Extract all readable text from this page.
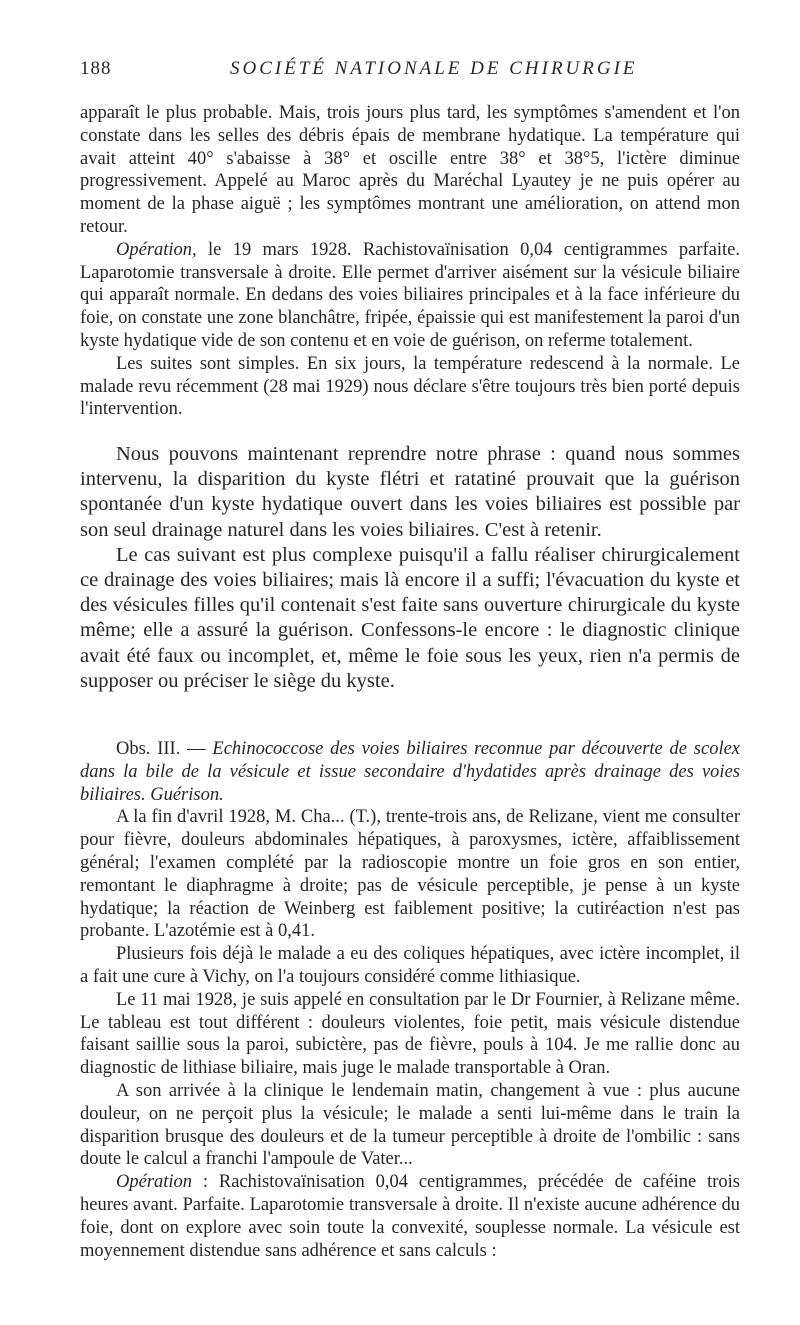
188	SOCIÉTÉ NATIONALE DE CHIRURGIE

apparaît le plus probable. Mais, trois jours plus tard, les symptômes s'amendent et l'on constate dans les selles des débris épais de membrane hydatique. La température qui avait atteint 40° s'abaisse à 38° et oscille entre 38° et 38°5, l'ictère diminue progressivement. Appelé au Maroc après du Maréchal Lyautey je ne puis opérer au moment de la phase aiguë ; les symptômes montrant une amélioration, on attend mon retour.

Opération, le 19 mars 1928. Rachistovaïnisation 0,04 centigrammes parfaite. Laparotomie transversale à droite. Elle permet d'arriver aisément sur la vésicule biliaire qui apparaît normale. En dedans des voies biliaires principales et à la face inférieure du foie, on constate une zone blanchâtre, fripée, épaissie qui est manifestement la paroi d'un kyste hydatique vide de son contenu et en voie de guérison, on referme totalement.

Les suites sont simples. En six jours, la température redescend à la normale. Le malade revu récemment (28 mai 1929) nous déclare s'être toujours très bien porté depuis l'intervention.

Nous pouvons maintenant reprendre notre phrase : quand nous sommes intervenu, la disparition du kyste flétri et ratatiné prouvait que la guérison spontanée d'un kyste hydatique ouvert dans les voies biliaires est possible par son seul drainage naturel dans les voies biliaires. C'est à retenir.

Le cas suivant est plus complexe puisqu'il a fallu réaliser chirurgicalement ce drainage des voies biliaires; mais là encore il a suffi; l'évacuation du kyste et des vésicules filles qu'il contenait s'est faite sans ouverture chirurgicale du kyste même; elle a assuré la guérison. Confessons-le encore : le diagnostic clinique avait été faux ou incomplet, et, même le foie sous les yeux, rien n'a permis de supposer ou préciser le siège du kyste.

Obs. III. — Echinococcose des voies biliaires reconnue par découverte de scolex dans la bile de la vésicule et issue secondaire d'hydatides après drainage des voies biliaires. Guérison.

A la fin d'avril 1928, M. Cha... (T.), trente-trois ans, de Relizane, vient me consulter pour fièvre, douleurs abdominales hépatiques, à paroxysmes, ictère, affaiblissement général; l'examen complété par la radioscopie montre un foie gros en son entier, remontant le diaphragme à droite; pas de vésicule perceptible, je pense à un kyste hydatique; la réaction de Weinberg est faiblement positive; la cutiréaction n'est pas probante. L'azotémie est à 0,41.

Plusieurs fois déjà le malade a eu des coliques hépatiques, avec ictère incomplet, il a fait une cure à Vichy, on l'a toujours considéré comme lithiasique.

Le 11 mai 1928, je suis appelé en consultation par le Dr Fournier, à Relizane même. Le tableau est tout différent : douleurs violentes, foie petit, mais vésicule distendue faisant saillie sous la paroi, subictère, pas de fièvre, pouls à 104. Je me rallie donc au diagnostic de lithiase biliaire, mais juge le malade transportable à Oran.

A son arrivée à la clinique le lendemain matin, changement à vue : plus aucune douleur, on ne perçoit plus la vésicule; le malade a senti lui-même dans le train la disparition brusque des douleurs et de la tumeur perceptible à droite de l'ombilic : sans doute le calcul a franchi l'ampoule de Vater...

Opération : Rachistovaïnisation 0,04 centigrammes, précédée de caféine trois heures avant. Parfaite. Laparotomie transversale à droite. Il n'existe aucune adhérence du foie, dont on explore avec soin toute la convexité, souplesse normale. La vésicule est moyennement distendue sans adhérence et sans calculs :
